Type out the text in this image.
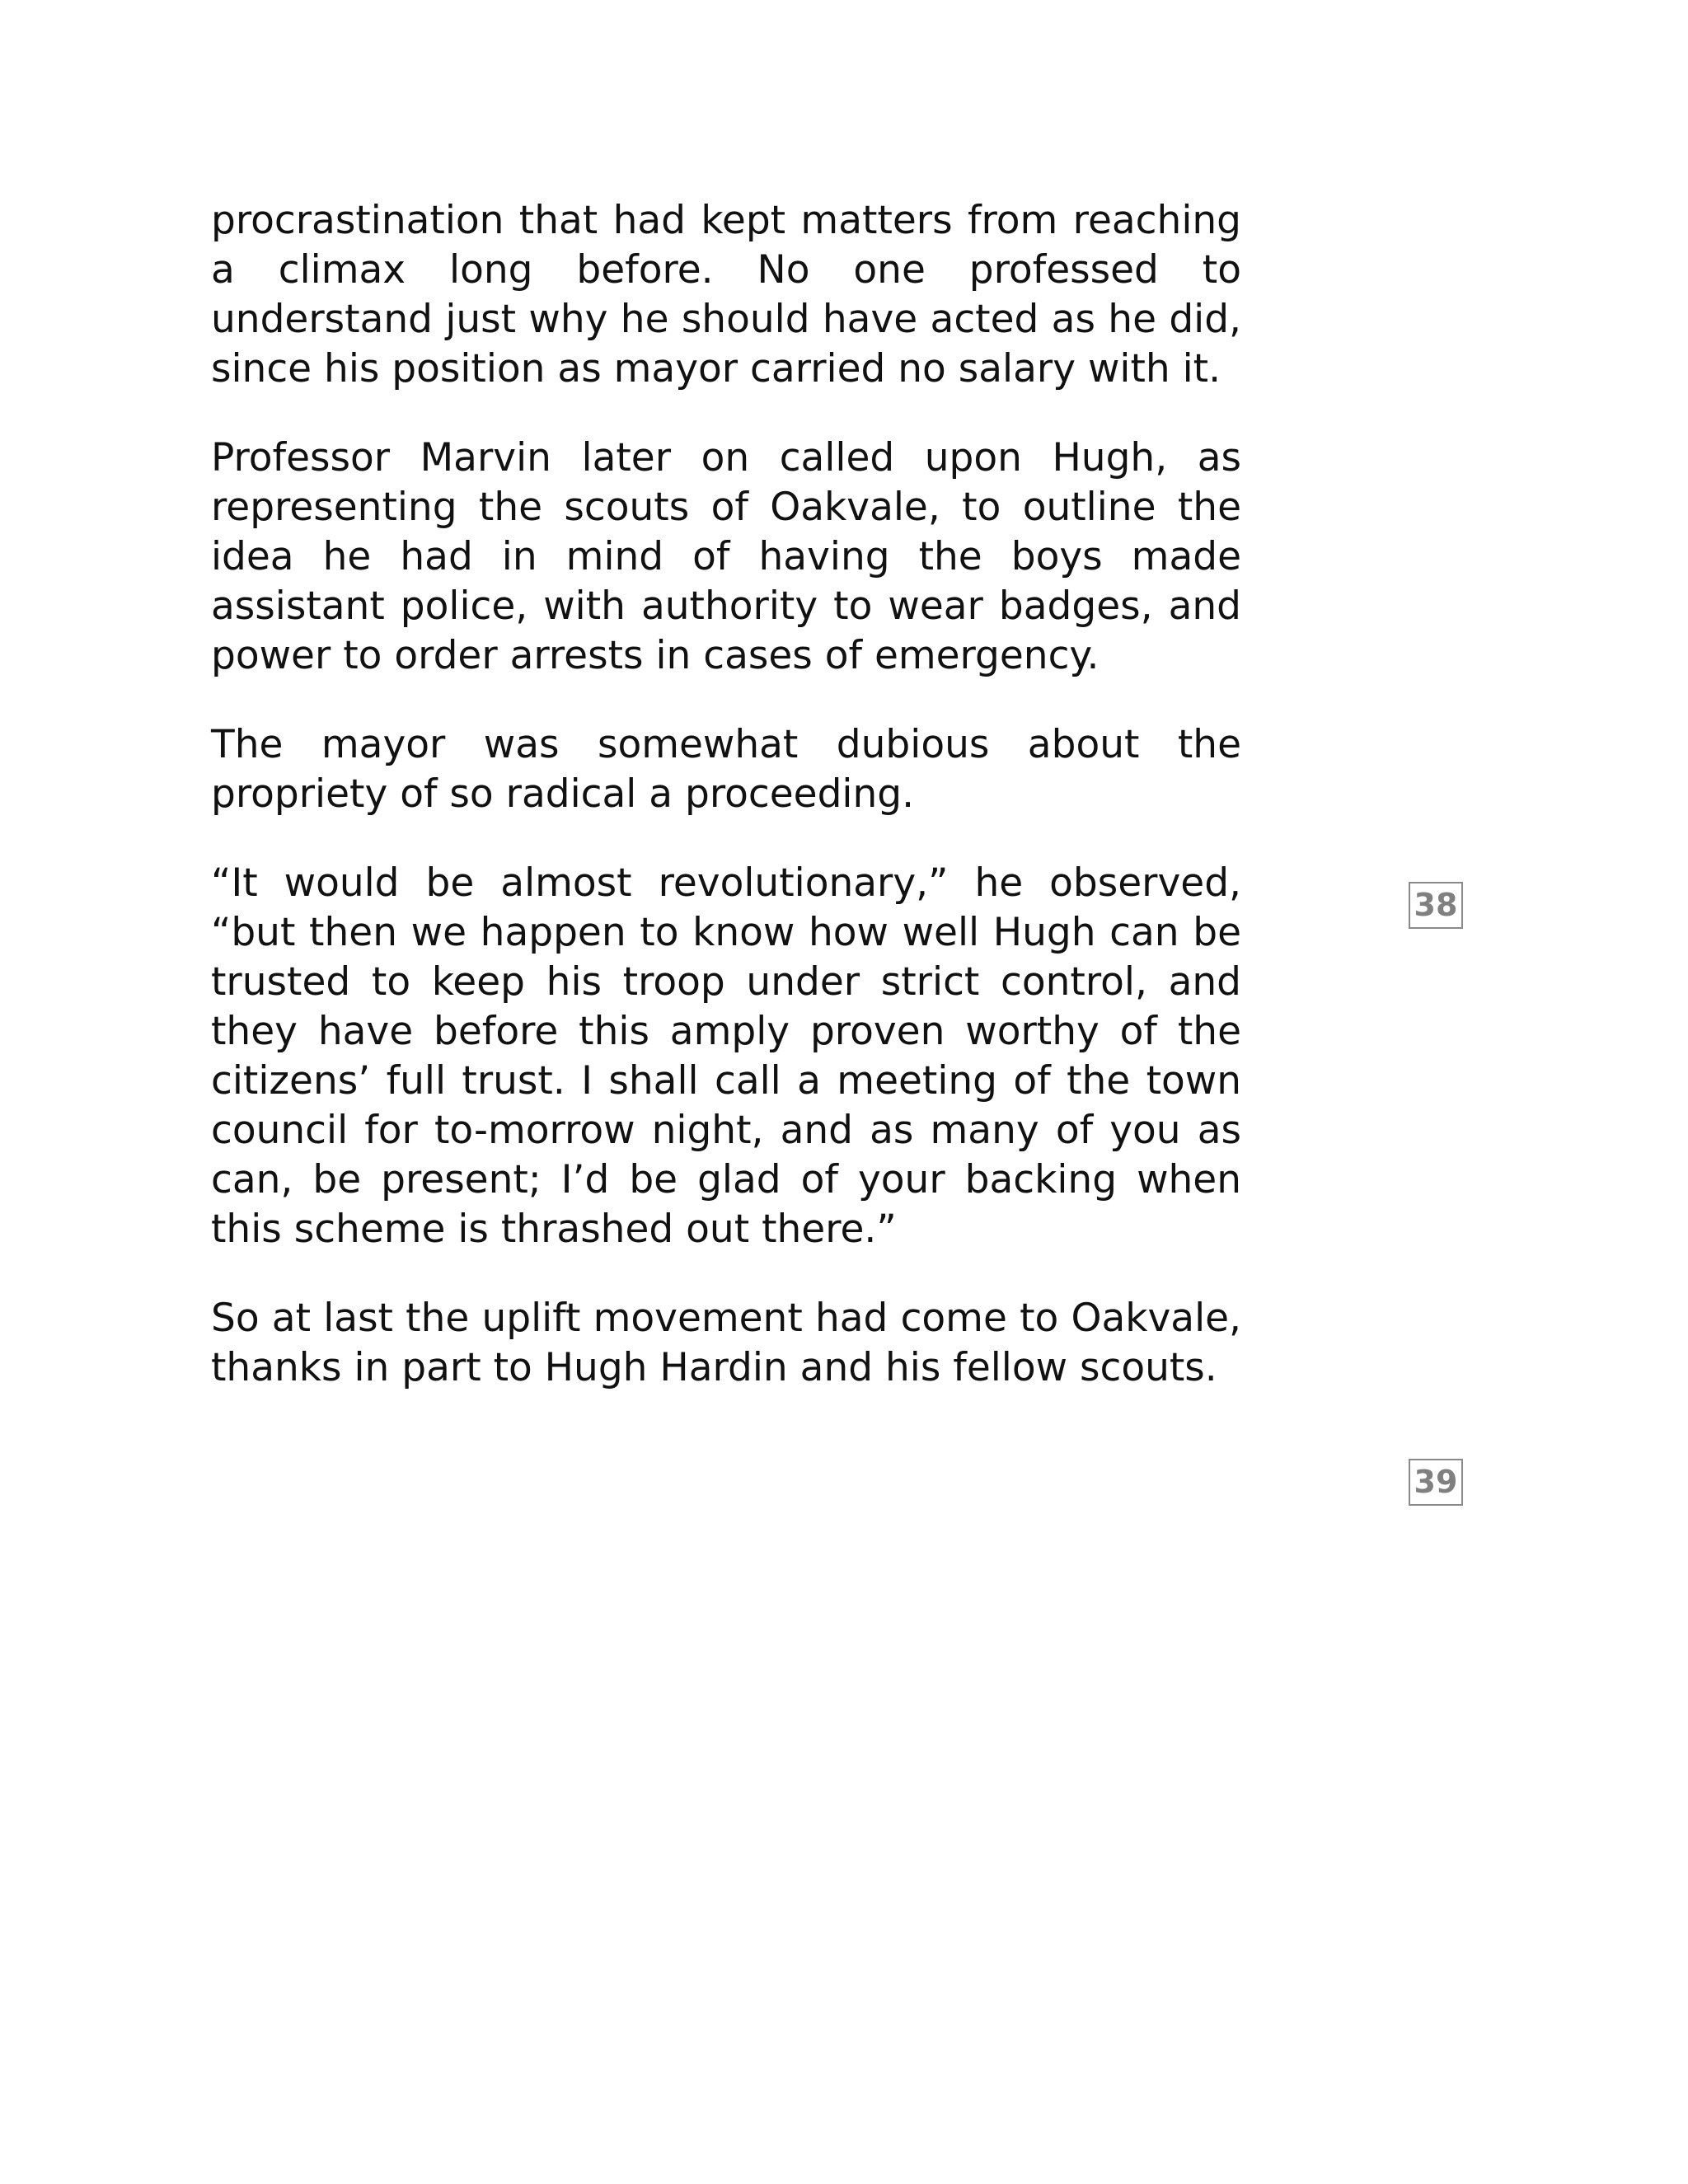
procrastination that had kept matters from reaching a climax long before. No one professed to understand just why he should have acted as he did, since his position as mayor carried no salary with it.

Professor Marvin later on called upon Hugh, as representing the scouts of Oakvale, to outline the idea he had in mind of having the boys made assistant police, with authority to wear badges, and power to order arrests in cases of emergency.

The mayor was somewhat dubious about the propriety of so radical a proceeding.

“It would be almost revolutionary,” he observed, “but then we happen to know how well Hugh can be trusted to keep his troop under strict control, and they have before this amply proven worthy of the citizens’ full trust. I shall call a meeting of the town council for to-morrow night, and as many of you as can, be present; I’d be glad of your backing when this scheme is thrashed out there.”

So at last the uplift movement had come to Oakvale, thanks in part to Hugh Hardin and his fellow scouts.

38
39
